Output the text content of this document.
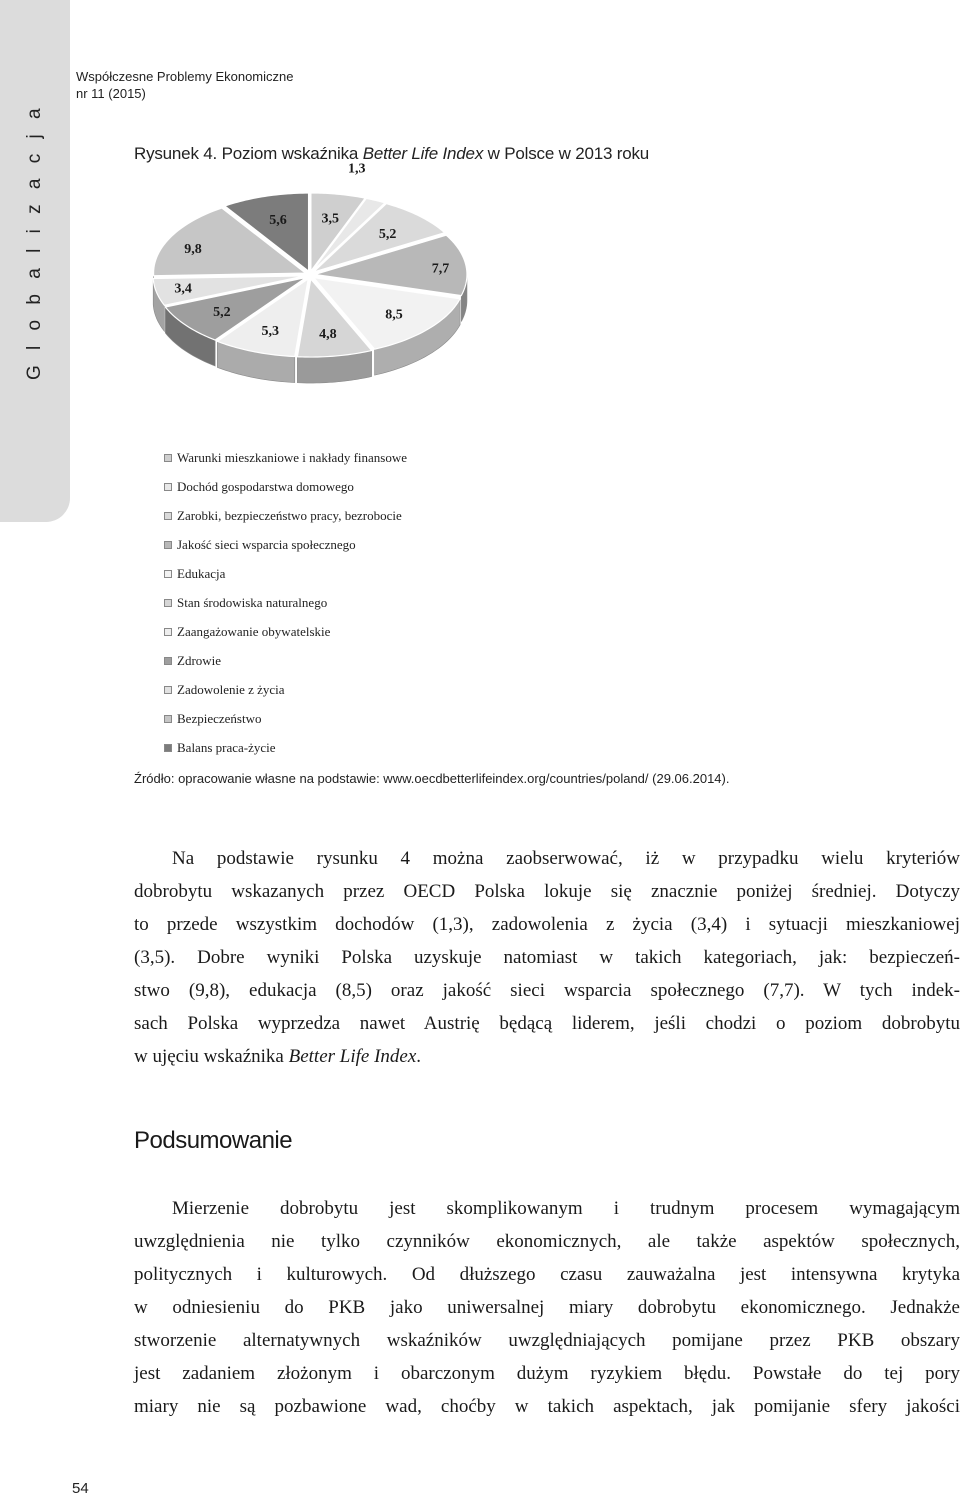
G l o b a l i z a c j a
Współczesne Problemy Ekonomiczne
nr 11 (2015)
Rysunek 4. Poziom wskaźnika Better Life Index w Polsce w 2013 roku
3,5
1,3
5,2
7,7
8,5
4,8
5,3
5,2
3,4
9,8
5,6
Warunki mieszkaniowe i nakłady finansowe
Dochód gospodarstwa domowego
Zarobki, bezpieczeństwo pracy, bezrobocie
Jakość sieci wsparcia społecznego
Edukacja
Stan środowiska naturalnego
Zaangażowanie obywatelskie
Zdrowie
Zadowolenie z życia
Bezpieczeństwo
Balans praca-życie
Źródło: opracowanie własne na podstawie: www.oecdbetterlifeindex.org/countries/poland/ (29.06.2014).
Na podstawie rysunku 4 można zaobserwować, iż w przypadku wielu kryteriów
dobrobytu wskazanych przez OECD Polska lokuje się znacznie poniżej średniej. Dotyczy
to przede wszystkim dochodów (1,3), zadowolenia z życia (3,4) i sytuacji mieszkaniowej
(3,5). Dobre wyniki Polska uzyskuje natomiast w takich kategoriach, jak: bezpieczeń-
stwo (9,8), edukacja (8,5) oraz jakość sieci wsparcia społecznego (7,7). W tych indek-
sach Polska wyprzedza nawet Austrię będącą liderem, jeśli chodzi o poziom dobrobytu
w ujęciu wskaźnika Better Life Index.
Podsumowanie
Mierzenie dobrobytu jest skomplikowanym i trudnym procesem wymagającym
uwzględnienia nie tylko czynników ekonomicznych, ale także aspektów społecznych,
politycznych i kulturowych. Od dłuższego czasu zauważalna jest intensywna krytyka
w odniesieniu do PKB jako uniwersalnej miary dobrobytu ekonomicznego. Jednakże
stworzenie alternatywnych wskaźników uwzględniających pomijane przez PKB obszary
jest zadaniem złożonym i obarczonym dużym ryzykiem błędu. Powstałe do tej pory
miary nie są pozbawione wad, choćby w takich aspektach, jak pomijanie sfery jakości
54
